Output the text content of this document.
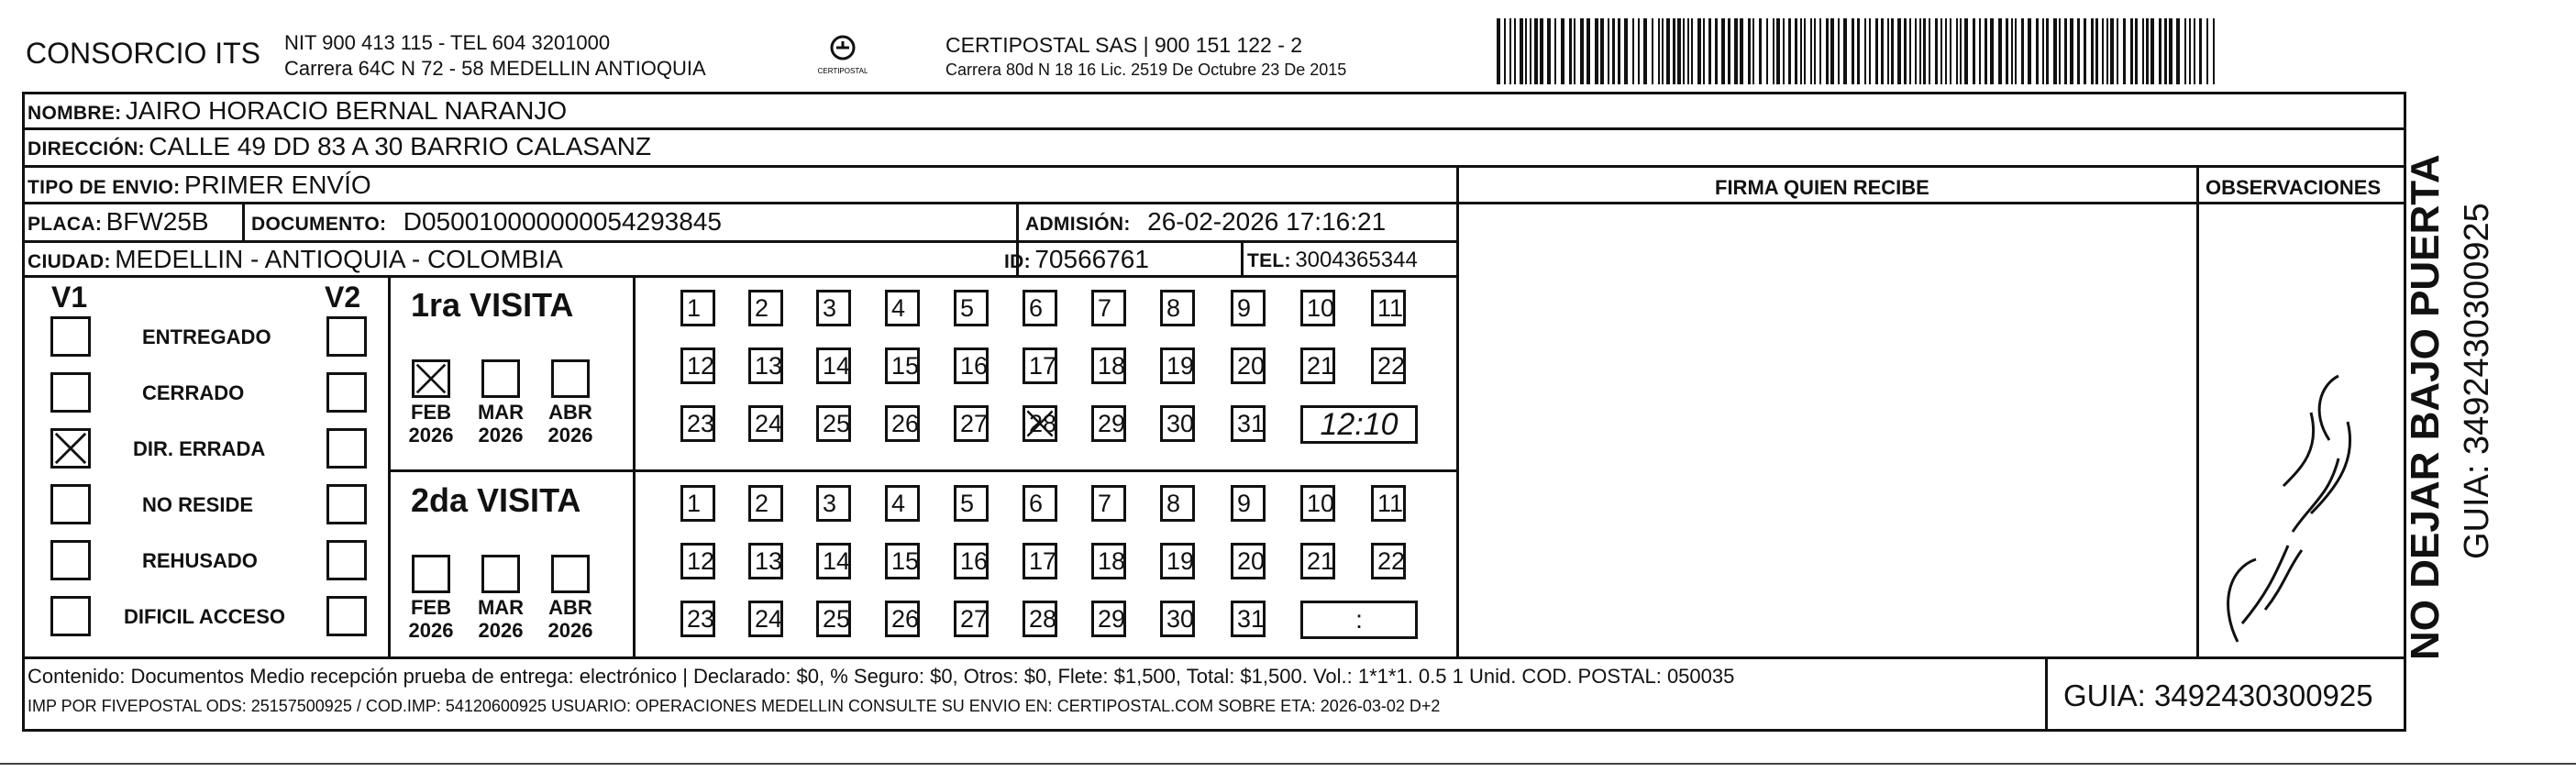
CONSORCIO ITS NIT 900 413 115 - TEL 604 3201000
Carrera 64C N 72 - 58 MEDELLIN ANTIOQUIA	CERTIPOSTAL
CERTIPOSTAL SAS | 900 151 122 - 2
Carrera 80d N 18 16 Lic. 2519 De Octubre 23 De 2015
NOMBRE: JAIRO HORACIO BERNAL NARANJO
DIRECCIÓN: CALLE 49 DD 83 A 30 BARRIO CALASANZ
TIPO DE ENVIO: PRIMER ENVÍO	FIRMA QUIEN RECIBE	OBSERVACIONES
PLACA: BFW25B DOCUMENTO: D050010000000054293845	ADMISIÓN: 26-02-2026 17:16:21
CIUDAD: MEDELLIN - ANTIOQUIA - COLOMBIA	ID: 70566761	TEL: 3004365344
V1	V2
ENTREGADO
CERRADO
DIR. ERRADA
NO RESIDE
REHUSADO
DIFICIL ACCESO
1ra VISITA
FEB
2026
MAR
2026
ABR
2026
1	2	3	4	5	6	7	8	9	10 11
12 13 14 15 16 17 18 19 20 21 22
23 24 25 26 27 28 29 30 31	12:10
2da VISITA
FEB
2026
MAR
2026
ABR
2026
1	2	3	4	5	6	7	8	9	10 11
12 13 14 15 16 17 18 19 20 21 22
23 24 25 26 27 28 29 30 31	:
Contenido: Documentos Medio recepción prueba de entrega: electrónico | Declarado: $0, % Seguro: $0, Otros: $0, Flete: $1,500, Total: $1,500. Vol.: 1*1*1. 0.5 1 Unid. COD. POSTAL: 050035
IMP POR FIVEPOSTAL ODS: 25157500925 / COD.IMP: 54120600925 USUARIO: OPERACIONES MEDELLIN CONSULTE SU ENVIO EN: CERTIPOSTAL.COM SOBRE ETA: 2026-03-02 D+2	GUIA: 3492430300925
NO DEJAR BAJO PUERTA GUIA: 3492430300925
